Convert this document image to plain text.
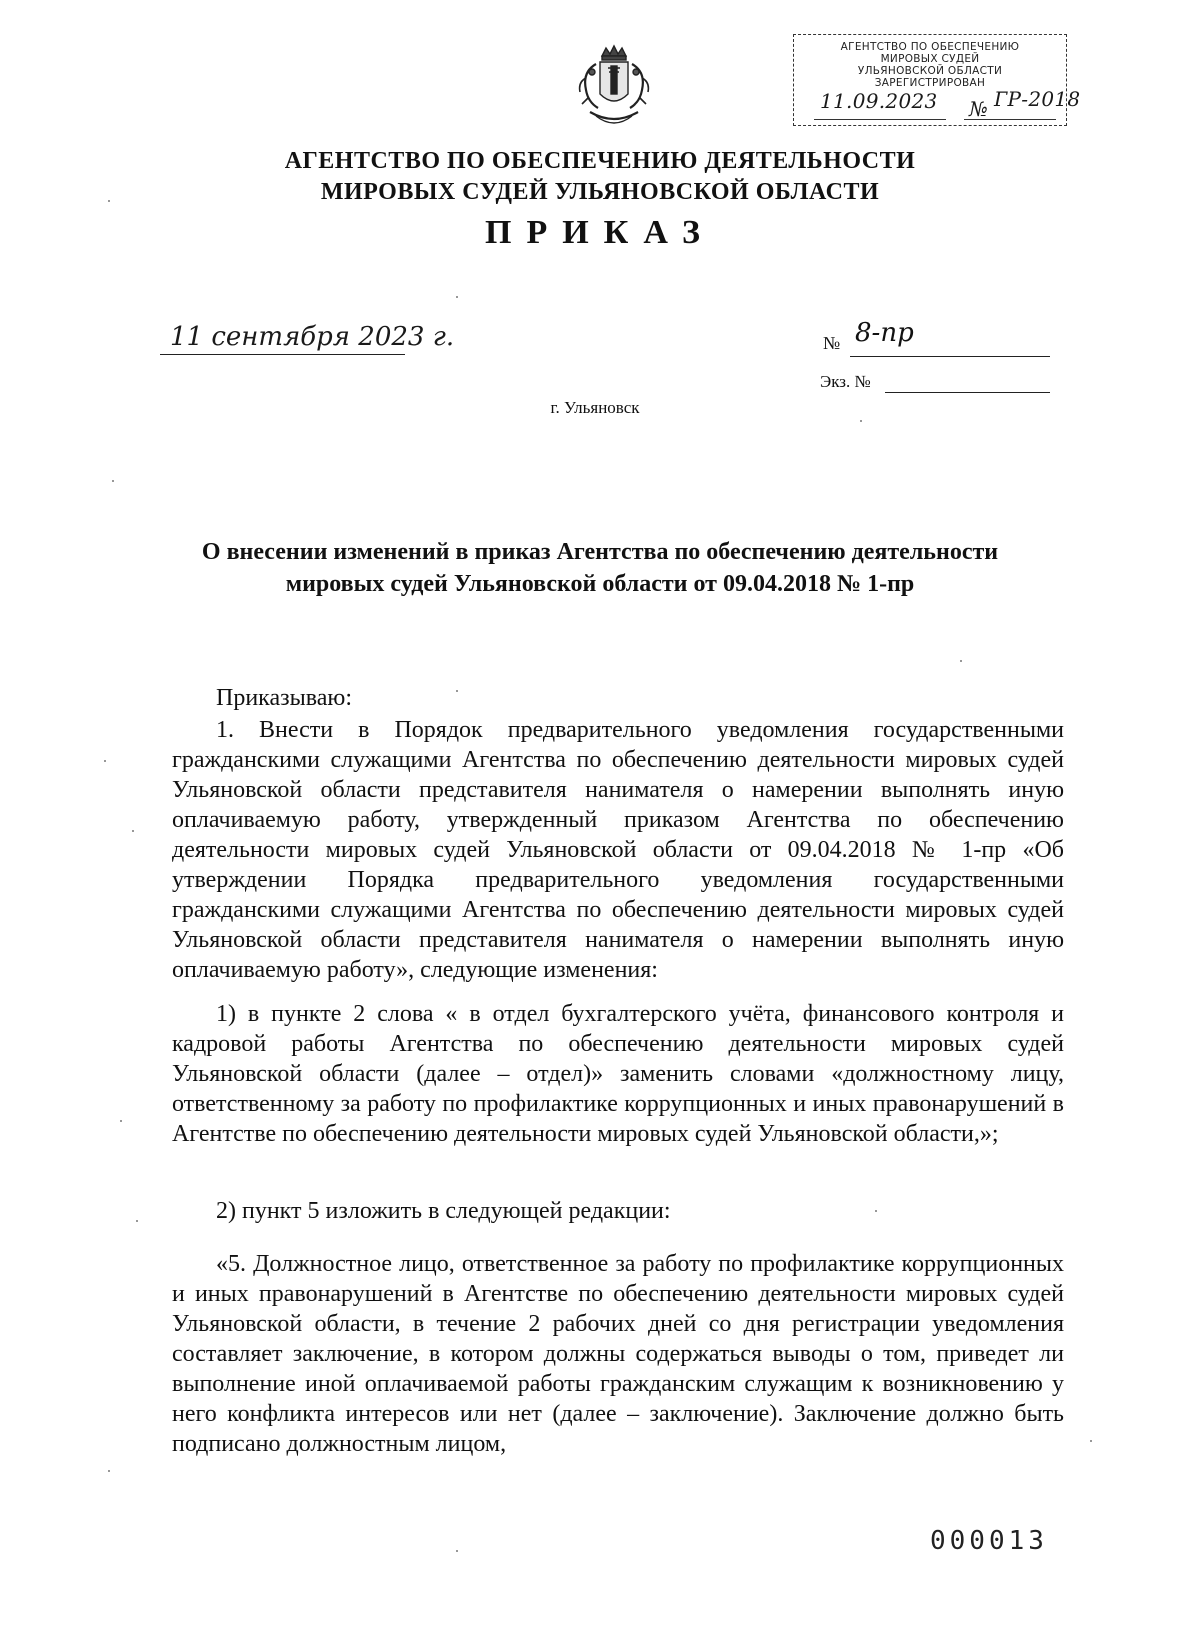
АГЕНТСТВО ПО ОБЕСПЕЧЕНИЮ
МИРОВЫХ СУДЕЙ
УЛЬЯНОВСКОЙ ОБЛАСТИ
ЗАРЕГИСТРИРОВАН
11.09.2023 № ГР-2018
АГЕНТСТВО ПО ОБЕСПЕЧЕНИЮ ДЕЯТЕЛЬНОСТИ
МИРОВЫХ СУДЕЙ УЛЬЯНОВСКОЙ ОБЛАСТИ
ПРИКАЗ
11 сентября 2023 г.	№ 8-пр
Экз. №
г. Ульяновск
О внесении изменений в приказ Агентства по обеспечению деятельности
мировых судей Ульяновской области от 09.04.2018 № 1-пр
Приказываю:
1. Внести в Порядок предварительного уведомления государственными гражданскими служащими Агентства по обеспечению деятельности мировых судей Ульяновской области представителя нанимателя о намерении выполнять иную оплачиваемую работу, утвержденный приказом Агентства по обеспечению деятельности мировых судей Ульяновской области от 09.04.2018 № 1-пр «Об утверждении Порядка предварительного уведомления государственными гражданскими служащими Агентства по обеспечению деятельности мировых судей Ульяновской области представителя нанимателя о намерении выполнять иную оплачиваемую работу», следующие изменения:
1) в пункте 2 слова « в отдел бухгалтерского учёта, финансового контроля и кадровой работы Агентства по обеспечению деятельности мировых судей Ульяновской области (далее – отдел)» заменить словами «должностному лицу, ответственному за работу по профилактике коррупционных и иных правонарушений в Агентстве по обеспечению деятельности мировых судей Ульяновской области,»;
2) пункт 5 изложить в следующей редакции:
«5. Должностное лицо, ответственное за работу по профилактике коррупционных и иных правонарушений в Агентстве по обеспечению деятельности мировых судей Ульяновской области, в течение 2 рабочих дней со дня регистрации уведомления составляет заключение, в котором должны содержаться выводы о том, приведет ли выполнение иной оплачиваемой работы гражданским служащим к возникновению у него конфликта интересов или нет (далее – заключение). Заключение должно быть подписано должностным лицом,
000013
